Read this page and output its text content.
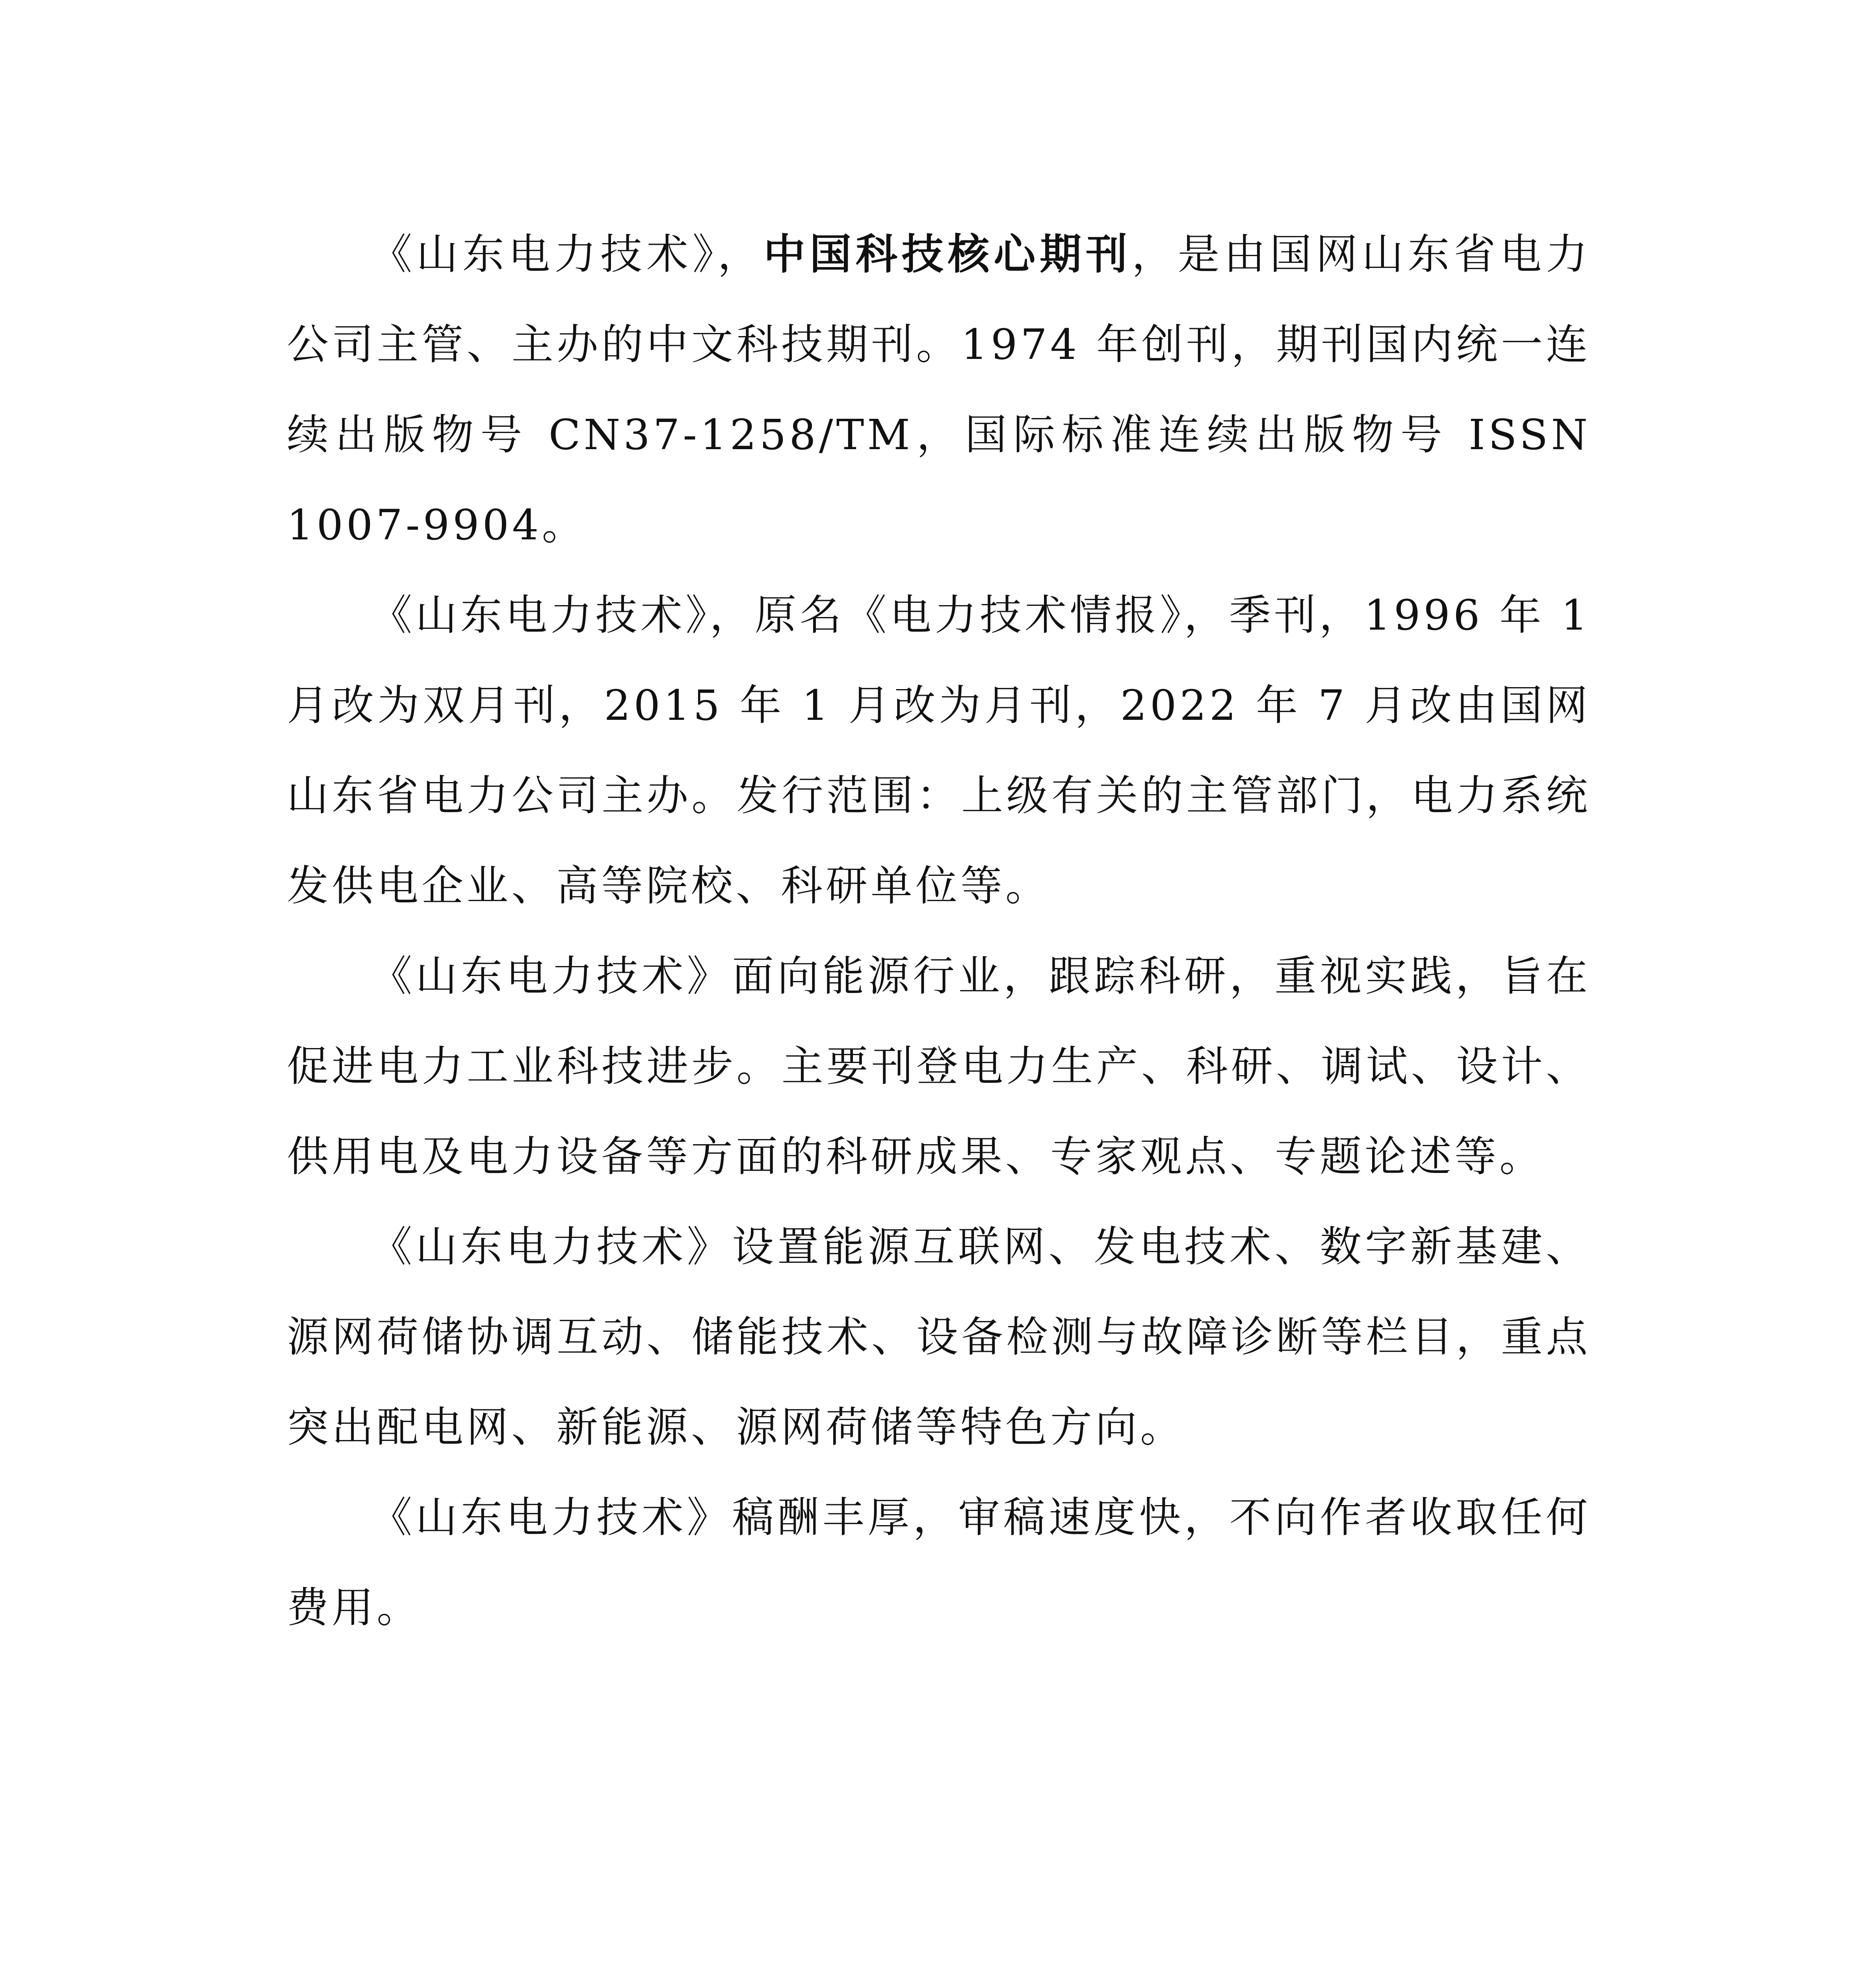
《山东电力技术》，中国科技核心期刊，是由国网山东省电力公司主管、主办的中文科技期刊。1974 年创刊，期刊国内统一连续出版物号 CN37-1258/TM，国际标准连续出版物号 ISSN 1007-9904。

《山东电力技术》，原名《电力技术情报》，季刊，1996 年 1 月改为双月刊，2015 年 1 月改为月刊，2022 年 7 月改由国网山东省电力公司主办。发行范围：上级有关的主管部门，电力系统发供电企业、高等院校、科研单位等。

《山东电力技术》面向能源行业，跟踪科研，重视实践，旨在促进电力工业科技进步。主要刊登电力生产、科研、调试、设计、供用电及电力设备等方面的科研成果、专家观点、专题论述等。

《山东电力技术》设置能源互联网、发电技术、数字新基建、源网荷储协调互动、储能技术、设备检测与故障诊断等栏目，重点突出配电网、新能源、源网荷储等特色方向。

《山东电力技术》稿酬丰厚，审稿速度快，不向作者收取任何费用。
